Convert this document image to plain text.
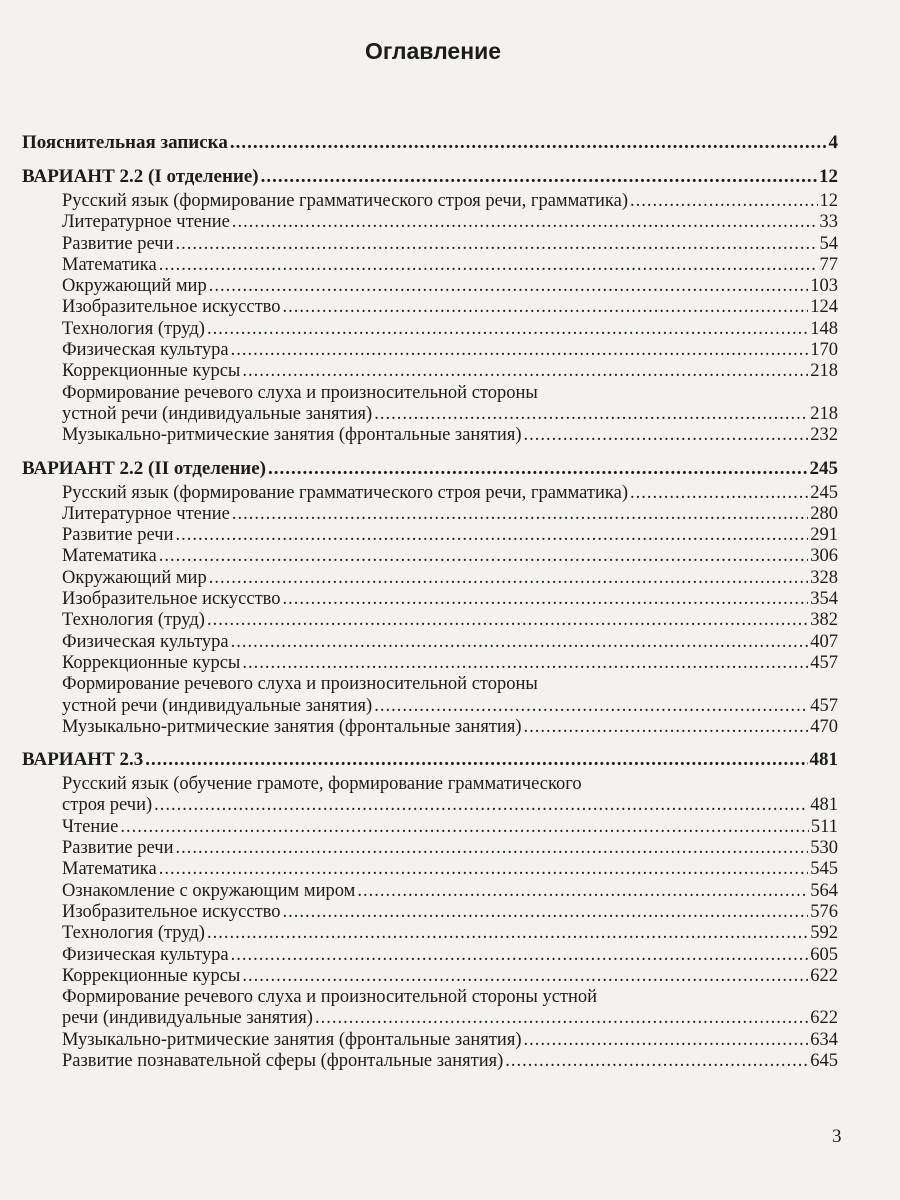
Оглавление
Пояснительная записка .....	4
ВАРИАНТ 2.2 (I отделение) .....	12
Русский язык (формирование грамматического строя речи, грамматика) .....	12
Литературное чтение .....	33
Развитие речи .....	54
Математика .....	77
Окружающий мир .....	103
Изобразительное искусство .....	124
Технология (труд) .....	148
Физическая культура .....	170
Коррекционные курсы .....	218
Формирование речевого слуха и произносительной стороны
устной речи (индивидуальные занятия) .....	218
Музыкально-ритмические занятия (фронтальные занятия) .....	232
ВАРИАНТ 2.2 (II отделение) .....	245
Русский язык (формирование грамматического строя речи, грамматика) .....	245
Литературное чтение .....	280
Развитие речи .....	291
Математика .....	306
Окружающий мир .....	328
Изобразительное искусство .....	354
Технология (труд) .....	382
Физическая культура .....	407
Коррекционные курсы .....	457
Формирование речевого слуха и произносительной стороны
устной речи (индивидуальные занятия) .....	457
Музыкально-ритмические занятия (фронтальные занятия) .....	470
ВАРИАНТ 2.3 .....	481
Русский язык (обучение грамоте, формирование грамматического
строя речи) .....	481
Чтение .....	511
Развитие речи .....	530
Математика .....	545
Ознакомление с окружающим миром .....	564
Изобразительное искусство .....	576
Технология (труд) .....	592
Физическая культура .....	605
Коррекционные курсы .....	622
Формирование речевого слуха и произносительной стороны устной
речи (индивидуальные занятия) .....	622
Музыкально-ритмические занятия (фронтальные занятия) .....	634
Развитие познавательной сферы (фронтальные занятия) .....	645
3
